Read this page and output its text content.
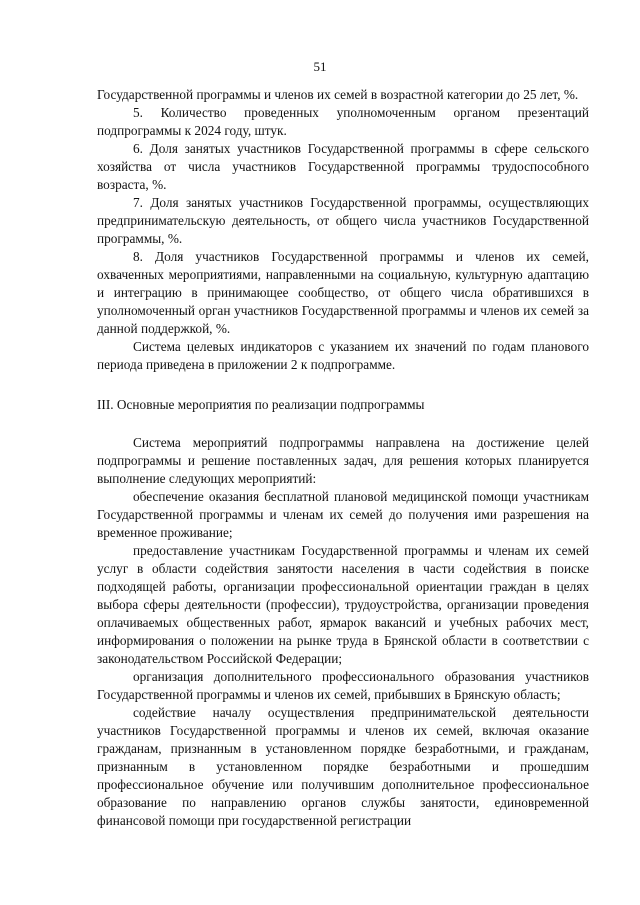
51

Государственной программы и членов их семей в возрастной категории до 25 лет, %.

5. Количество проведенных уполномоченным органом презентаций подпрограммы к 2024 году, штук.

6. Доля занятых участников Государственной программы в сфере сельского хозяйства от числа участников Государственной программы трудоспособного возраста, %.

7. Доля занятых участников Государственной программы, осуществляющих предпринимательскую деятельность, от общего числа участников Государственной программы, %.

8. Доля участников Государственной программы и членов их семей, охваченных мероприятиями, направленными на социальную, культурную адаптацию и интеграцию в принимающее сообщество, от общего числа обратившихся в уполномоченный орган участников Государственной программы и членов их семей за данной поддержкой, %.

Система целевых индикаторов с указанием их значений по годам планового периода приведена в приложении 2 к подпрограмме.

III. Основные мероприятия по реализации подпрограммы

Система мероприятий подпрограммы направлена на достижение целей подпрограммы и решение поставленных задач, для решения которых планируется выполнение следующих мероприятий:

обеспечение оказания бесплатной плановой медицинской помощи участникам Государственной программы и членам их семей до получения ими разрешения на временное проживание;

предоставление участникам Государственной программы и членам их семей услуг в области содействия занятости населения в части содействия в поиске подходящей работы, организации профессиональной ориентации граждан в целях выбора сферы деятельности (профессии), трудоустройства, организации проведения оплачиваемых общественных работ, ярмарок вакансий и учебных рабочих мест, информирования о положении на рынке труда в Брянской области в соответствии с законодательством Российской Федерации;

организация дополнительного профессионального образования участников Государственной программы и членов их семей, прибывших в Брянскую область;

содействие началу осуществления предпринимательской деятельности участников Государственной программы и членов их семей, включая оказание гражданам, признанным в установленном порядке безработными, и гражданам, признанным в установленном порядке безработными и прошедшим профессиональное обучение или получившим дополнительное профессиональное образование по направлению органов службы занятости, единовременной финансовой помощи при государственной регистрации
